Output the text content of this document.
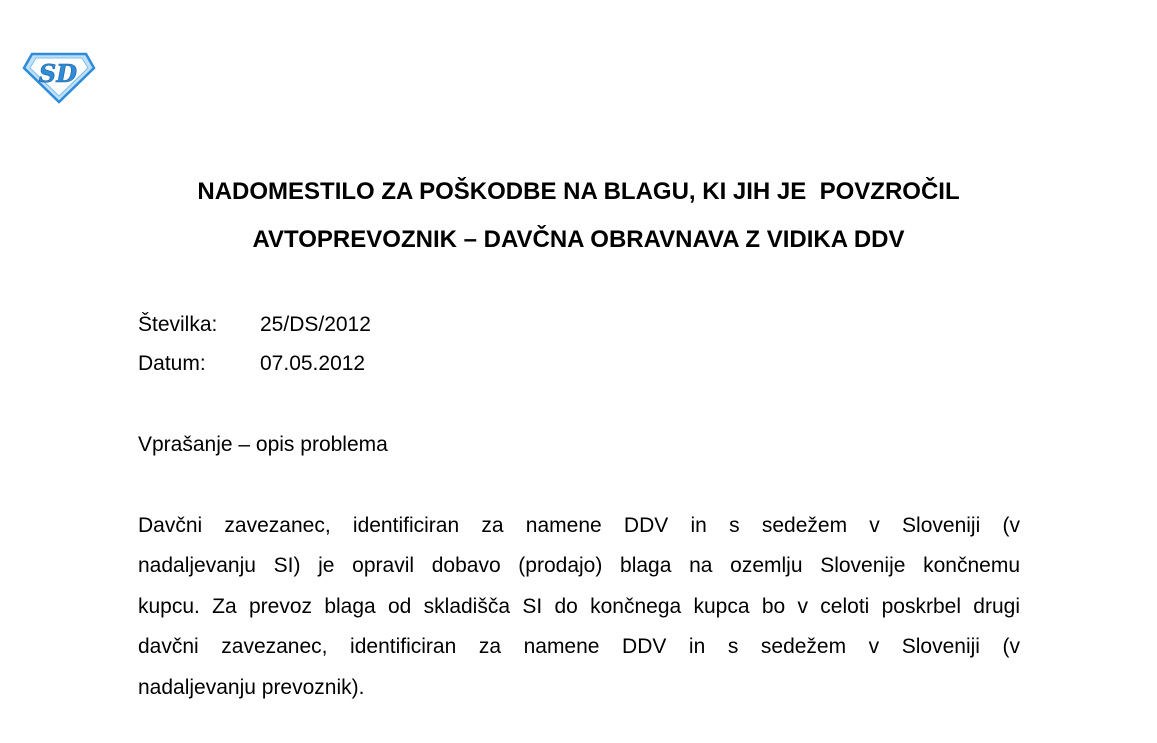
SD
NADOMESTILO ZA POŠKODBE NA BLAGU, KI JIH JE  POVZROČIL
AVTOPREVOZNIK – DAVČNA OBRAVNAVA Z VIDIKA DDV
Številka:	25/DS/2012
Datum:	07.05.2012
Vprašanje – opis problema
Davčni zavezanec, identificiran za namene DDV in s sedežem v Sloveniji (v
nadaljevanju SI) je opravil dobavo (prodajo) blaga na ozemlju Slovenije končnemu
kupcu. Za prevoz blaga od skladišča SI do končnega kupca bo v celoti poskrbel drugi
davčni zavezanec, identificiran za namene DDV in s sedežem v Sloveniji (v
nadaljevanju prevoznik).
